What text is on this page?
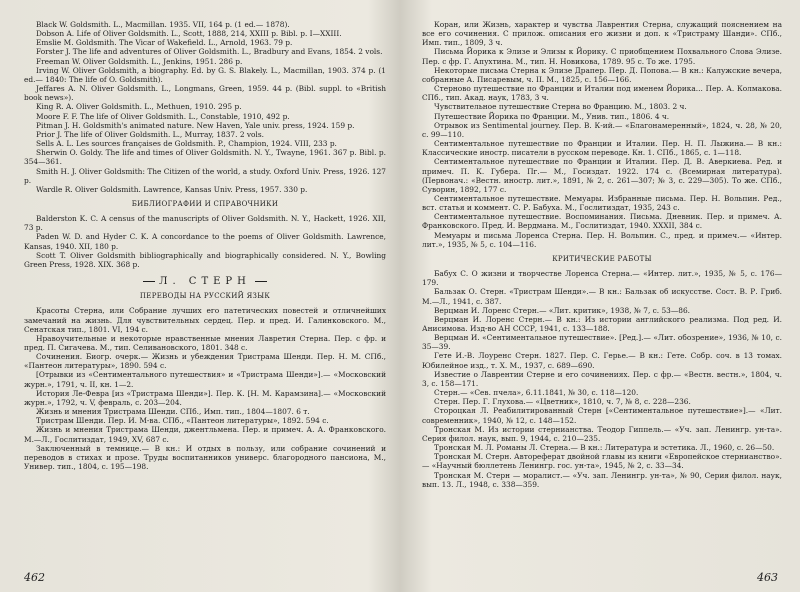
Black W. Goldsmith. L., Macmillan. 1935. VII, 164 p. (1 ed.— 1878).

Dobson A. Life of Oliver Goldsmith. L., Scott, 1888, 214, XXIII p. Bibl. p. I—XXIII.

Emslie M. Goldsmith. The Vicar of Wakefield. L., Arnold, 1963. 79 p.

Forster J. The life and adventures of Oliver Goldsmith. L., Bradbury and Evans, 1854. 2 vols.

Freeman W. Oliver Goldsmith. L., Jenkins, 1951. 286 p.

Irving W. Oliver Goldsmith, a biography. Ed. by G. S. Blakely. L., Macmillan, 1903. 374 p. (1 ed.— 1840: The life of O. Goldsmith).

Jeffares A. N. Oliver Goldsmith. L., Longmans, Green, 1959. 44 p. (Bibl. suppl. to «British book news»).

King R. A. Oliver Goldsmith. L., Methuen, 1910. 295 p.

Moore F. F. The life of Oliver Goldsmith. L., Constable, 1910, 492 p.

Pitman J. H. Goldsmith's animated nature. New Haven, Yale univ. press, 1924. 159 p.

Prior J. The life of Oliver Goldsmith. L., Murray, 1837. 2 vols.

Sells A. L. Les sources françaises de Goldsmith. P., Champion, 1924. VIII, 233 p.

Sherwin O. Goldy. The life and times of Oliver Goldsmith. N. Y., Twayne, 1961. 367 p. Bibl. p. 354—361.

Smith H. J. Oliver Goldsmith: The Citizen of the world, a study. Oxford Univ. Press, 1926. 127 p.

Wardle R. Oliver Goldsmith. Lawrence, Kansas Univ. Press, 1957. 330 p.

БИБЛИОГРАФИИ И СПРАВОЧНИКИ

Balderston K. C. A census of the manuscripts of Oliver Goldsmith. N. Y., Hackett, 1926. XII, 73 p.

Paden W. D. and Hyder C. K. A concordance to the poems of Oliver Goldsmith. Lawrence, Kansas, 1940. XII, 180 p.

Scott T. Oliver Goldsmith bibliographically and biographically considered. N. Y., Bowling Green Press, 1928. XIX. 368 p.

Л. СТЕРН
ПЕРЕВОДЫ НА РУССКИЙ ЯЗЫК

Красоты Стерна, или Собрание лучших его патетических повестей и отличнейших замечаний на жизнь. Для чувствительных сердец. Пер. и пред. И. Галинковского. М., Сенатская тип., 1801. VI, 194 с.

Нравоучительные и некоторые нравственные мнения Лавретия Стерна. Пер. с фр. и пред. П. Сигачева. М., тип. Селивановского, 1801. 348 с.

Сочинения. Биогр. очерк.— Жизнь и убеждения Тристрама Шенди. Пер. Н. М. СПб., «Пантеон литературы», 1890. 594 с.

[Отрывки из «Сентиментального путешествия» и «Тристрама Шенди»].— «Московский журн.», 1791, ч. II, кн. 1—2.

История Ле-Февра [из «Тристрама Шенди»]. Пер. К. [Н. М. Карамзина].— «Московский журн.», 1792, ч. V, февраль, с. 203—204.

Жизнь и мнения Тристрама Шенди. СПб., Имп. тип., 1804—1807. 6 т.

Тристрам Шенди. Пер. И. М-ва. СПб., «Пантеон литературы», 1892. 594 с.

Жизнь и мнения Тристрама Шенди, джентльмена. Пер. и примеч. А. А. Франковского. М.—Л., Гослитиздат, 1949, XV, 687 с.

Заключенный в темнице.— В кн.: И отдых в пользу, или собрание сочинений и переводов в стихах и прозе. Труды воспитанников универс. благородного пансиона, М., Универ. тип., 1804, с. 195—198.

462

Коран, или Жизнь, характер и чувства Лаврентия Стерна, служащий пояснением на все его сочинения. С прилож. описания его жизни и доп. к «Тристраму Шанди». СПб., Имп. тип., 1809, 3 ч.

Письма Йорика к Элизе и Элизы к Йорику. С приобщением Похвального Слова Элизе. Пер. с фр. Г. Апухтина. М., тип. Н. Новикова, 1789. 95 с. То же. 1795.

Некоторые письма Стерна к Элизе Драпер. Пер. Д. Попова.— В кн.: Калужские вечера, собранные А. Писаревым, ч. II. М., 1825, с. 156—166.

Стерново путешествие по Франции и Италии под именем Йорика... Пер. А. Колмакова. СПб., тип. Акад. наук, 1783, 3 ч.

Чувствительное путешествие Стерна во Францию. М., 1803. 2 ч.

Путешествие Йорика по Франции. М., Унив. тип., 1806. 4 ч.

Отрывок из Sentimental journey. Пер. В. К-ий.— «Благонамеренный», 1824, ч. 28, № 20, с. 99—110.

Сентиментальное путешествие по Франции и Италии. Пер. Н. П. Лыжина.— В кн.: Классические иностр. писатели в русском переводе. Кн. 1. СПб., 1865, с. 1—118.

Сентиментальное путешествие по Франции и Италии. Пер. Д. В. Аверкиева. Ред. и примеч. П. К. Губера. Пг.— М., Госиздат. 1922. 174 с. (Всемирная литература). (Первонач.: «Вестн. иностр. лит.», 1891, № 2, с. 261—307; № 3, с. 229—305). То же. СПб., Суворин, 1892, 177 с.

Сентиментальное путешествие. Мемуары. Избранные письма. Пер. Н. Вольпин. Ред., вст. статья и коммент. С. Р. Бабуха. М., Гослитиздат, 1935, 243 с.

Сентиментальное путешествие. Воспоминания. Письма. Дневник. Пер. и примеч. А. Франковского. Пред. И. Вердмана. М., Гослитиздат, 1940. XXXII, 384 с.

Мемуары и письма Лоренса Стерна. Пер. Н. Вольпин. С., пред. и примеч.— «Интер. лит.», 1935, № 5, с. 104—116.

КРИТИЧЕСКИЕ РАБОТЫ

Бабух С. О жизни и творчестве Лоренса Стерна.— «Интер. лит.», 1935, № 5, с. 176—179.

Бальзак О. Стерн. «Тристрам Шенди».— В кн.: Бальзак об искусстве. Сост. В. Р. Гриб. М.—Л., 1941, с. 387.

Верцман И. Лоренс Стерн.— «Лит. критик», 1938, № 7, с. 53—86.

Верцман И. Лоренс Стерн.— В кн.: Из истории английского реализма. Под ред. И. Анисимова. Изд-во АН СССР, 1941, с. 133—188.

Верцман И. «Сентиментальное путешествие». [Ред.].— «Лит. обозрение», 1936, № 10, с. 35—39.

Гете И.-В. Лоуренс Стерн. 1827. Пер. С. Герье.— В кн.: Гете. Собр. соч. в 13 томах. Юбилейное изд., т. Х. М., 1937, с. 689—690.

Известие о Лаврентии Стерне и его сочинениях. Пер. с фр.— «Вестн. вестн.», 1804, ч. 3, с. 158—171.

Стерн.— «Сев. пчела», 6.11.1841, № 30, с. 118—120.

Стерн. Пер. Г. Глухова.— «Цветник», 1810, ч. 7, № 8, с. 228—236.

Стороцкая Л. Реабилитированный Стерн [«Сентиментальное путешествие»].— «Лит. современник», 1940, № 12, с. 148—152.

Тронская М. Из истории стернианства. Теодор Гиппель.— «Уч. зап. Ленингр. ун-та». Серия филол. наук, вып. 9, 1944, с. 210—235.

Тронская М. Л. Романы Л. Стерна.— В кн.: Литература и эстетика. Л., 1960, с. 26—50.

Тронская М. Стерн. Автореферат двойной главы из книги «Европейское стернианство».— «Научный бюллетень Ленингр. гос. ун-та», 1945, № 2, с. 33—34.

Тронская М. Стерн — моралист.— «Уч. зап. Ленингр. ун-та», № 90, Серия филол. наук, вып. 13. Л., 1948, с. 338—359.

463
